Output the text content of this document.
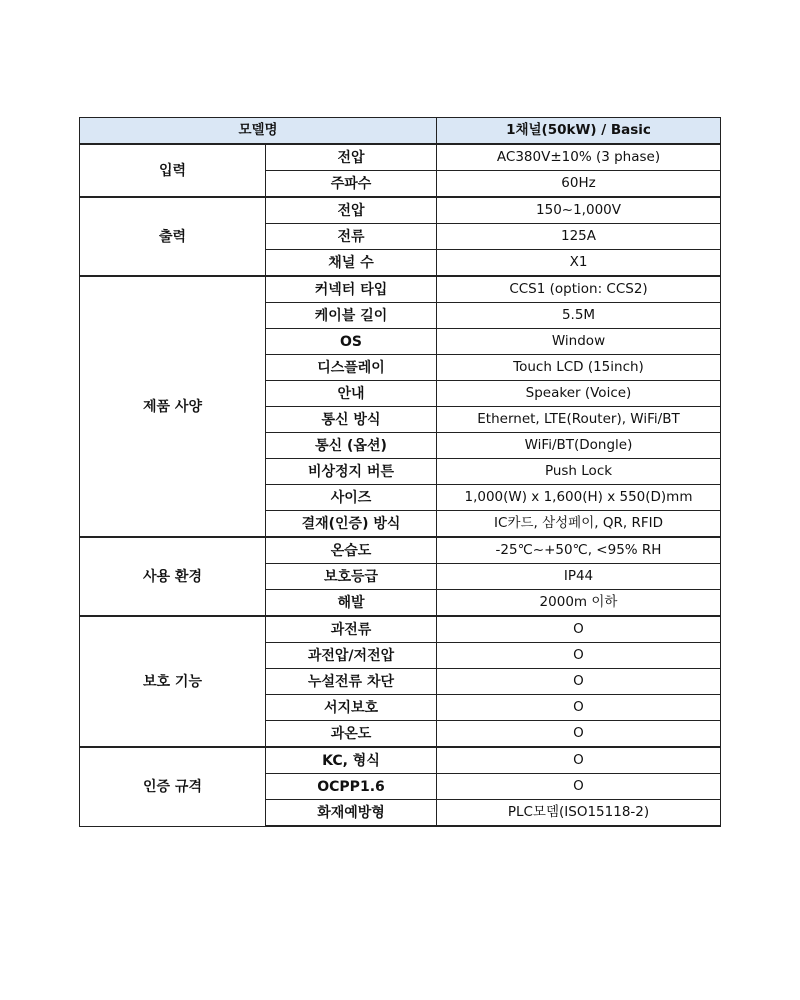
모델명		1채널(50kW) / Basic
입력	전압	AC380V±10% (3 phase)
	주파수	60Hz
출력	전압	150~1,000V
	전류	125A
	채널 수	X1
제품 사양	커넥터 타입	CCS1 (option: CCS2)
	케이블 길이	5.5M
	OS	Window
	디스플레이	Touch LCD (15inch)
	안내	Speaker (Voice)
	통신 방식	Ethernet, LTE(Router), WiFi/BT
	통신 (옵션)	WiFi/BT(Dongle)
	비상정지 버튼	Push Lock
	사이즈	1,000(W) x 1,600(H) x 550(D)mm
	결재(인증) 방식	IC카드, 삼성페이, QR, RFID
사용 환경	온습도	-25℃~+50℃, <95% RH
	보호등급	IP44
	해발	2000m 이하
보호 기능	과전류	O
	과전압/저전압	O
	누설전류 차단	O
	서지보호	O
	과온도	O
인증 규격	KC, 형식	O
	OCPP1.6	O
	화재예방형	PLC모뎀(ISO15118-2)
